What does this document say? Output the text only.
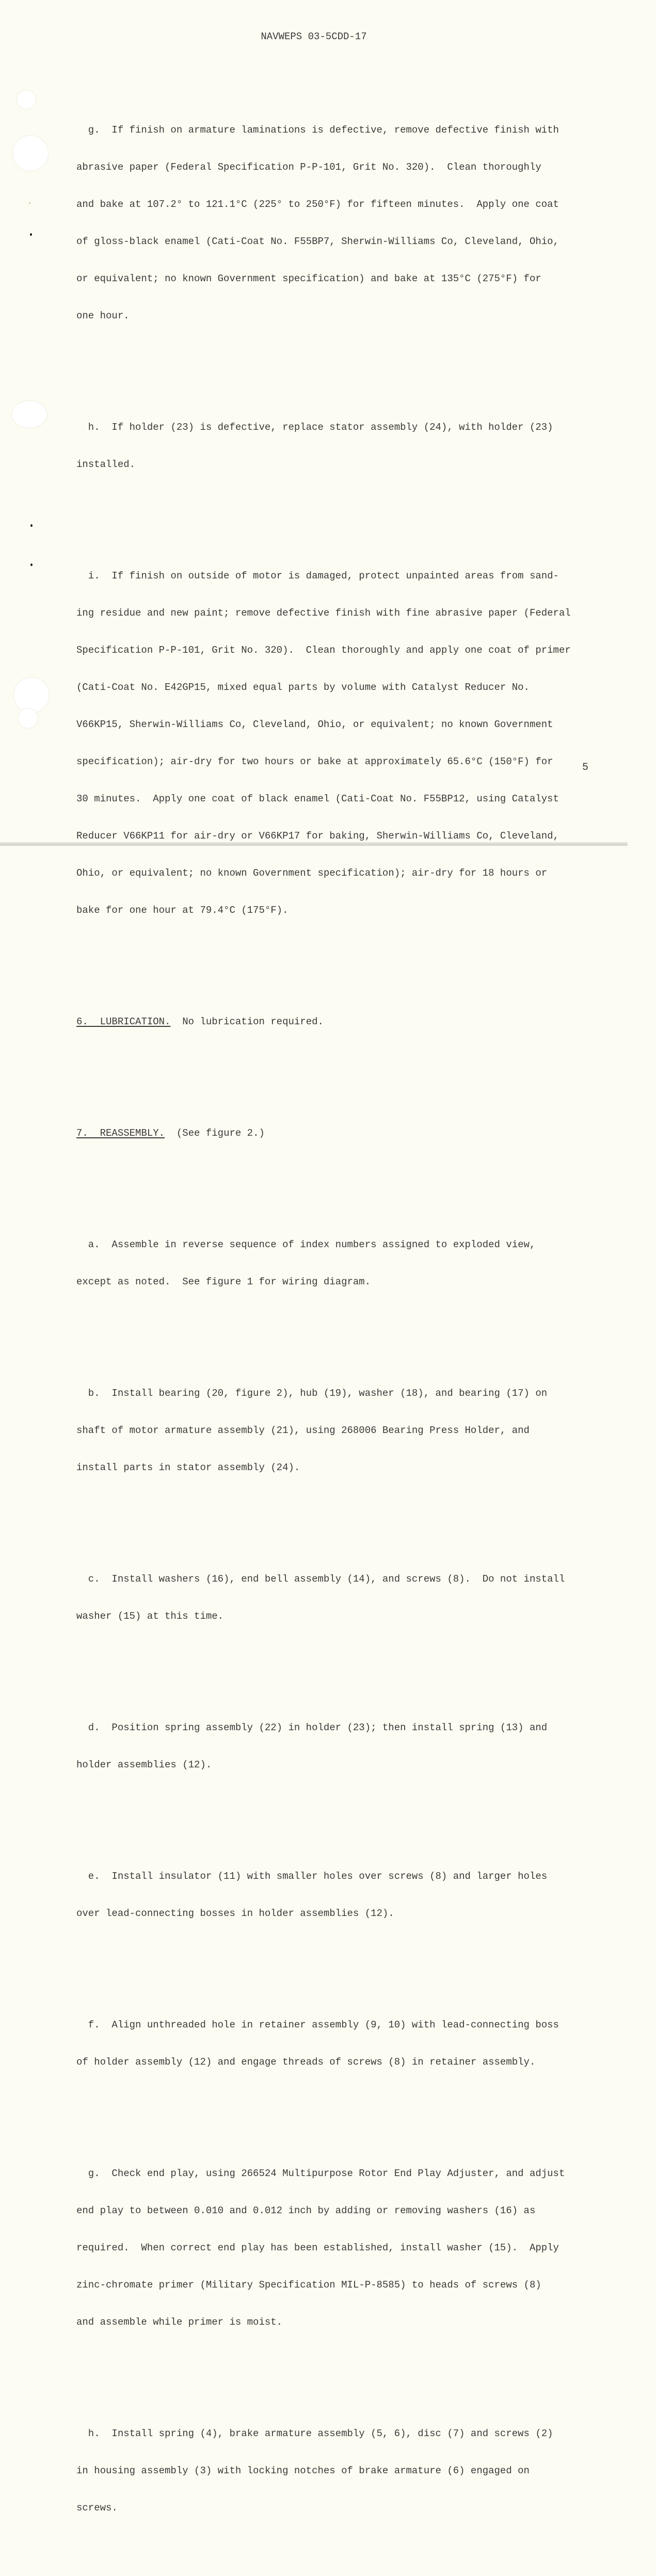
NAVWEPS 03-5CDD-17

g.  If finish on armature laminations is defective, remove defective finish with

abrasive paper (Federal Specification P-P-101, Grit No. 320).  Clean thoroughly

and bake at 107.2° to 121.1°C (225° to 250°F) for fifteen minutes.  Apply one coat

of gloss-black enamel (Cati-Coat No. F55BP7, Sherwin-Williams Co, Cleveland, Ohio,

or equivalent; no known Government specification) and bake at 135°C (275°F) for

one hour.

h.  If holder (23) is defective, replace stator assembly (24), with holder (23)

installed.

i.  If finish on outside of motor is damaged, protect unpainted areas from sand-

ing residue and new paint; remove defective finish with fine abrasive paper (Federal

Specification P-P-101, Grit No. 320).  Clean thoroughly and apply one coat of primer

(Cati-Coat No. E42GP15, mixed equal parts by volume with Catalyst Reducer No.

V66KP15, Sherwin-Williams Co, Cleveland, Ohio, or equivalent; no known Government

specification); air-dry for two hours or bake at approximately 65.6°C (150°F) for

30 minutes.  Apply one coat of black enamel (Cati-Coat No. F55BP12, using Catalyst

Reducer V66KP11 for air-dry or V66KP17 for baking, Sherwin-Williams Co, Cleveland,

Ohio, or equivalent; no known Government specification); air-dry for 18 hours or

bake for one hour at 79.4°C (175°F).

6. LUBRICATION.  No lubrication required.

7. REASSEMBLY.  (See figure 2.)

a.  Assemble in reverse sequence of index numbers assigned to exploded view,

except as noted.  See figure 1 for wiring diagram.

b.  Install bearing (20, figure 2), hub (19), washer (18), and bearing (17) on

shaft of motor armature assembly (21), using 268006 Bearing Press Holder, and

install parts in stator assembly (24).

c.  Install washers (16), end bell assembly (14), and screws (8).  Do not install

washer (15) at this time.

d.  Position spring assembly (22) in holder (23); then install spring (13) and

holder assemblies (12).

e.  Install insulator (11) with smaller holes over screws (8) and larger holes

over lead-connecting bosses in holder assemblies (12).

f.  Align unthreaded hole in retainer assembly (9, 10) with lead-connecting boss

of holder assembly (12) and engage threads of screws (8) in retainer assembly.

g.  Check end play, using 266524 Multipurpose Rotor End Play Adjuster, and adjust

end play to between 0.010 and 0.012 inch by adding or removing washers (16) as

required.  When correct end play has been established, install washer (15).  Apply

zinc-chromate primer (Military Specification MIL-P-8585) to heads of screws (8)

and assemble while primer is moist.

h.  Install spring (4), brake armature assembly (5, 6), disc (7) and screws (2)

in housing assembly (3) with locking notches of brake armature (6) engaged on

screws.

5
